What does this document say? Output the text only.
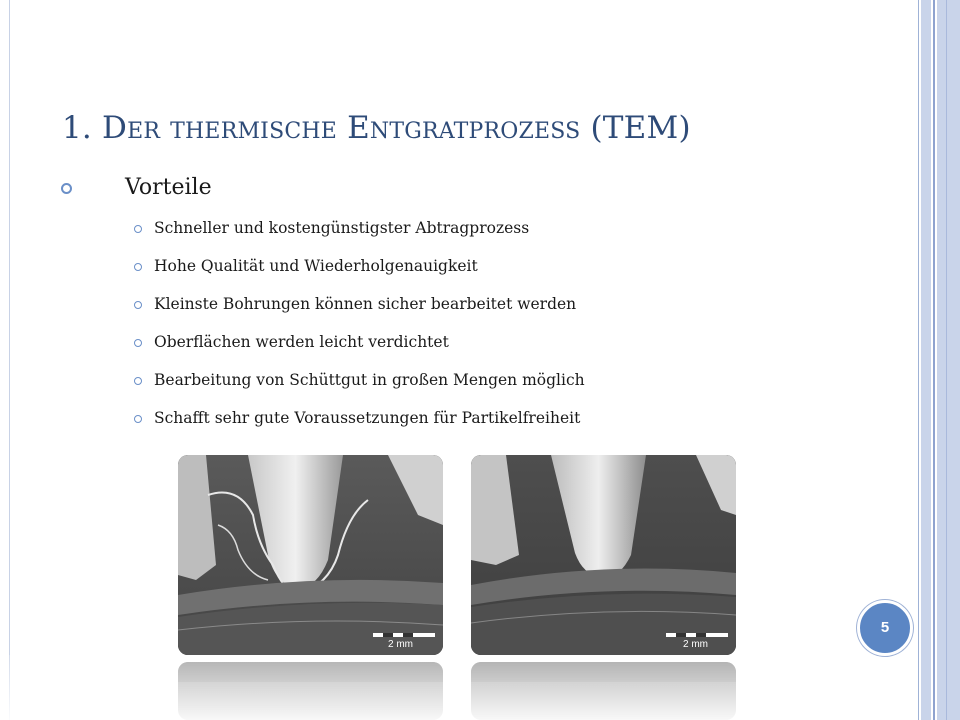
1. Der thermische Entgratprozess (TEM)
Vorteile
Schneller und kostengünstigster Abtragprozess
Hohe Qualität und Wiederholgenauigkeit
Kleinste Bohrungen können sicher bearbeitet werden
Oberflächen werden leicht verdichtet
Bearbeitung von Schüttgut in großen Mengen möglich
Schafft sehr gute Voraussetzungen für Partikelfreiheit
2 mm	2 mm
5
